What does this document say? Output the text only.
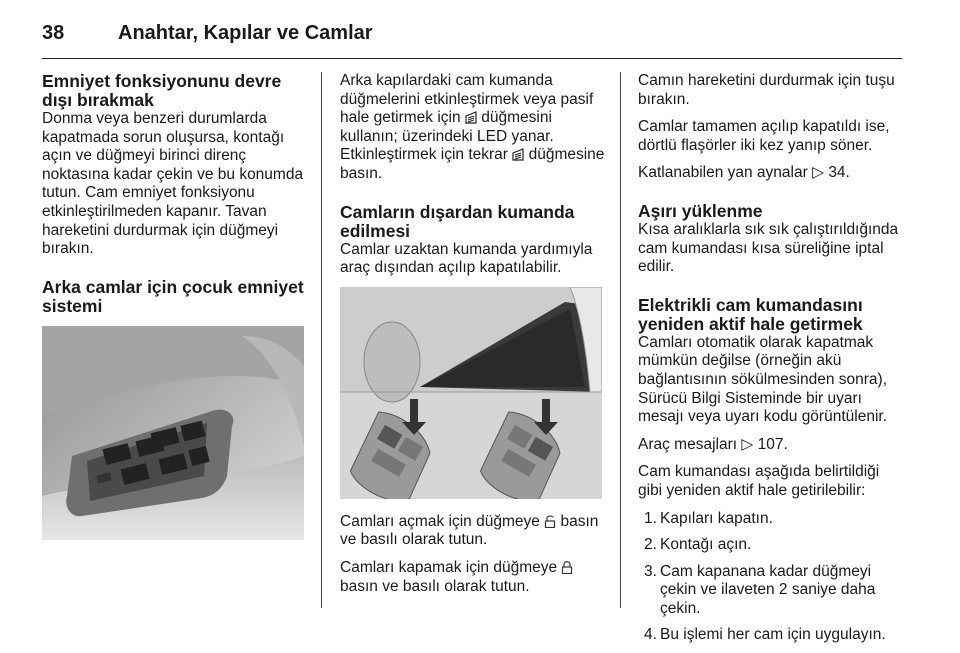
38	Anahtar, Kapılar ve Camlar
Emniyet fonksiyonunu devre dışı bırakmak

Donma veya benzeri durumlarda kapatmada sorun oluşursa, kontağı açın ve düğmeyi birinci direnç noktasına kadar çekin ve bu konumda tutun. Cam emniyet fonksiyonu etkinleştirilmeden kapanır. Tavan hareketini durdurmak için düğmeyi bırakın.

Arka camlar için çocuk emniyet sistemi

Arka kapılardaki cam kumanda düğmelerini etkinleştirmek veya pasif hale getirmek için düğmesini kullanın; üzerindeki LED yanar. Etkinleştirmek için tekrar düğmesine basın.

Camların dışardan kumanda edilmesi

Camlar uzaktan kumanda yardımıyla araç dışından açılıp kapatılabilir.

Camları açmak için düğmeye basın ve basılı olarak tutun.

Camları kapamak için düğmeye  basın ve basılı olarak tutun.

Camın hareketini durdurmak için tuşu bırakın.

Camlar tamamen açılıp kapatıldı ise, dörtlü flaşörler iki kez yanıp söner.

Katlanabilen yan aynalar ▷ 34.

Aşırı yüklenme

Kısa aralıklarla sık sık çalıştırıldığında cam kumandası kısa süreliğine iptal edilir.

Elektrikli cam kumandasını yeniden aktif hale getirmek

Camları otomatik olarak kapatmak mümkün değilse (örneğin akü bağlantısının sökülmesinden sonra), Sürücü Bilgi Sisteminde bir uyarı mesajı veya uyarı kodu görüntülenir.

Araç mesajları ▷ 107.

Cam kumandası aşağıda belirtildiği gibi yeniden aktif hale getirilebilir:

1. Kapıları kapatın.
2. Kontağı açın.
3. Cam kapanana kadar düğmeyi çekin ve ilaveten 2 saniye daha çekin.
4. Bu işlemi her cam için uygulayın.
